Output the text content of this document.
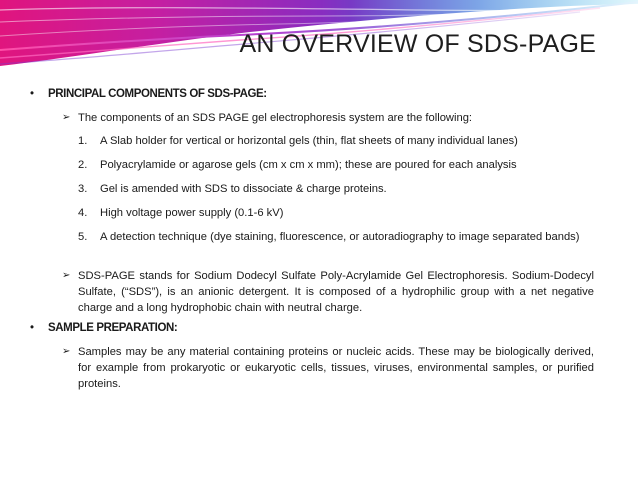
AN OVERVIEW OF SDS-PAGE
• PRINCIPAL COMPONENTS OF SDS-PAGE:
➢ The components of an SDS PAGE gel electrophoresis system are the following:
1. A Slab holder for vertical or horizontal gels (thin, flat sheets of many individual lanes)
2. Polyacrylamide or agarose gels (cm x cm x mm); these are poured for each analysis
3. Gel is amended with SDS to dissociate & charge proteins.
4. High voltage power supply (0.1-6 kV)
5. A detection technique (dye staining, fluorescence, or autoradiography to image separated bands)
➢ SDS-PAGE stands for Sodium Dodecyl Sulfate Poly-Acrylamide Gel Electrophoresis. Sodium-Dodecyl Sulfate, (“SDS”), is an anionic detergent. It is composed of a hydrophilic group with a net negative charge and a long hydrophobic chain with neutral charge.
• SAMPLE PREPARATION:
➢ Samples may be any material containing proteins or nucleic acids. These may be biologically derived, for example from prokaryotic or eukaryotic cells, tissues, viruses, environmental samples, or purified proteins.
